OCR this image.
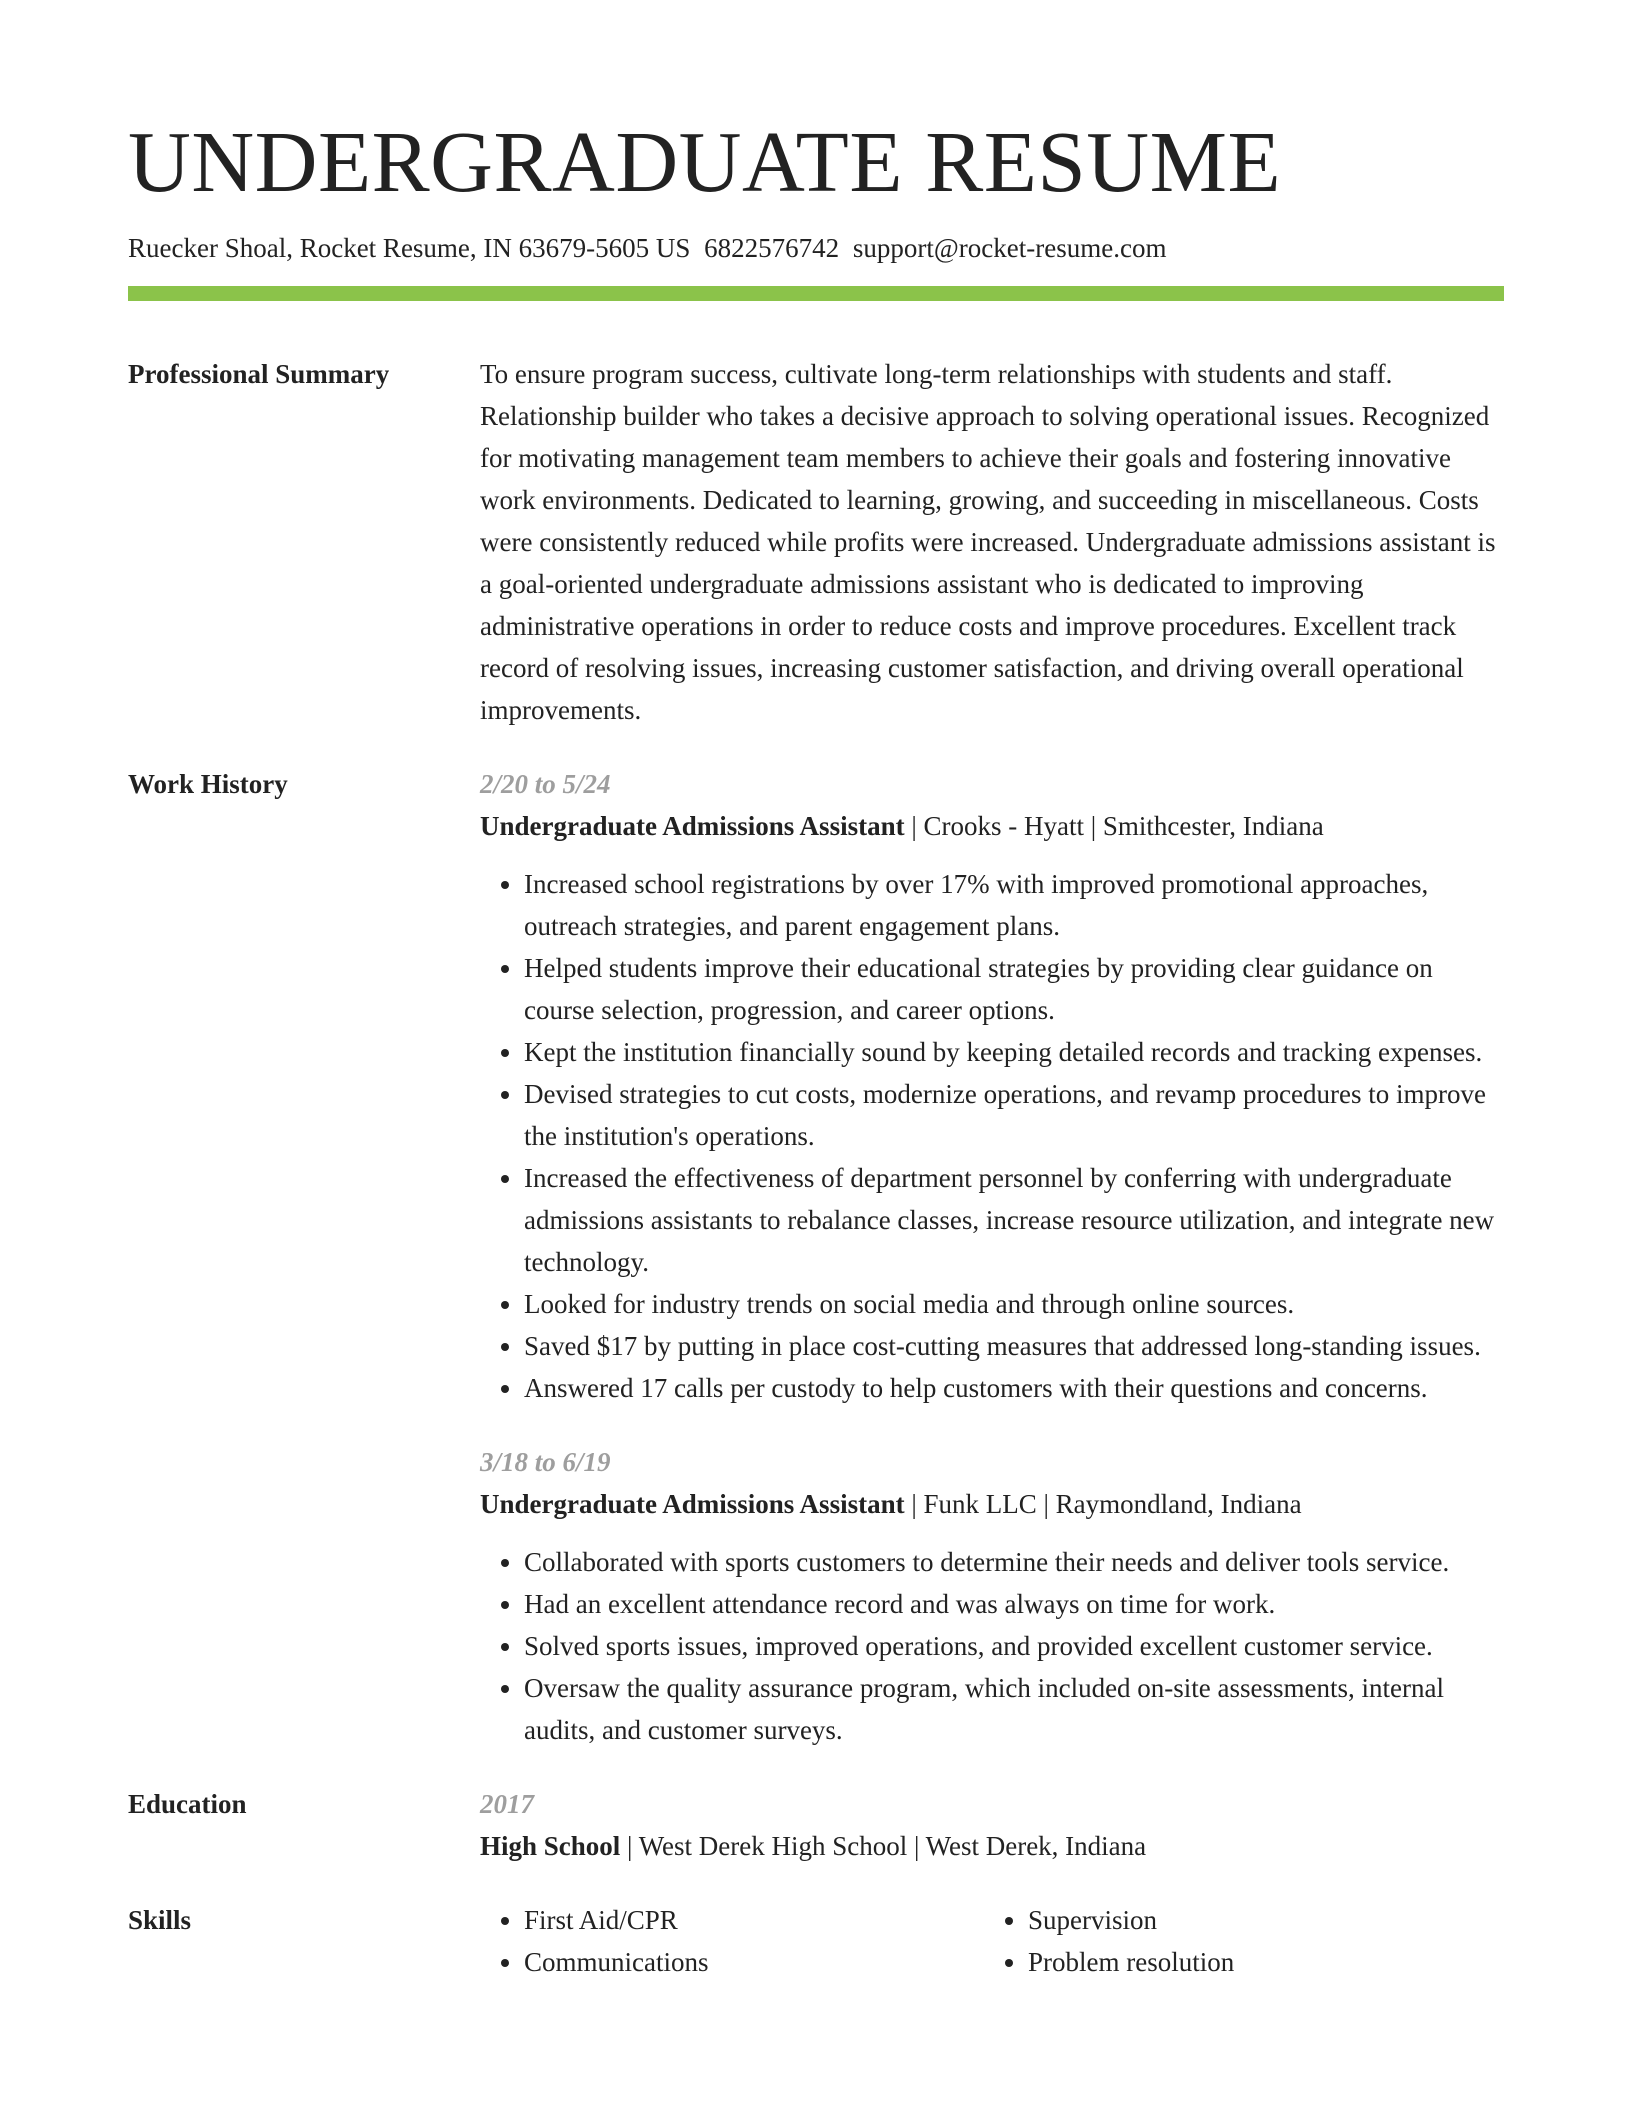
UNDERGRADUATE RESUME
Ruecker Shoal, Rocket Resume, IN 63679-5605 US 6822576742 support@rocket-resume.com
Professional Summary	To ensure program success, cultivate long-term relationships with students and staff. Relationship builder who takes a decisive approach to solving operational issues. Recognized for motivating management team members to achieve their goals and fostering innovative work environments. Dedicated to learning, growing, and succeeding in miscellaneous. Costs were consistently reduced while profits were increased. Undergraduate admissions assistant is a goal-oriented undergraduate admissions assistant who is dedicated to improving administrative operations in order to reduce costs and improve procedures. Excellent track record of resolving issues, increasing customer satisfaction, and driving overall operational improvements.

Work History	2/20 to 5/24
Undergraduate Admissions Assistant | Crooks - Hyatt | Smithcester, Indiana
• Increased school registrations by over 17% with improved promotional approaches, outreach strategies, and parent engagement plans.
• Helped students improve their educational strategies by providing clear guidance on course selection, progression, and career options.
• Kept the institution financially sound by keeping detailed records and tracking expenses.
• Devised strategies to cut costs, modernize operations, and revamp procedures to improve the institution's operations.
• Increased the effectiveness of department personnel by conferring with undergraduate admissions assistants to rebalance classes, increase resource utilization, and integrate new technology.
• Looked for industry trends on social media and through online sources.
• Saved $17 by putting in place cost-cutting measures that addressed long-standing issues.
• Answered 17 calls per custody to help customers with their questions and concerns.
3/18 to 6/19
Undergraduate Admissions Assistant | Funk LLC | Raymondland, Indiana
• Collaborated with sports customers to determine their needs and deliver tools service.
• Had an excellent attendance record and was always on time for work.
• Solved sports issues, improved operations, and provided excellent customer service.
• Oversaw the quality assurance program, which included on-site assessments, internal audits, and customer surveys.
Education	2017
High School | West Derek High School | West Derek, Indiana
Skills
•	First Aid/CPR
• Communications
• Supervision
• Problem resolution
